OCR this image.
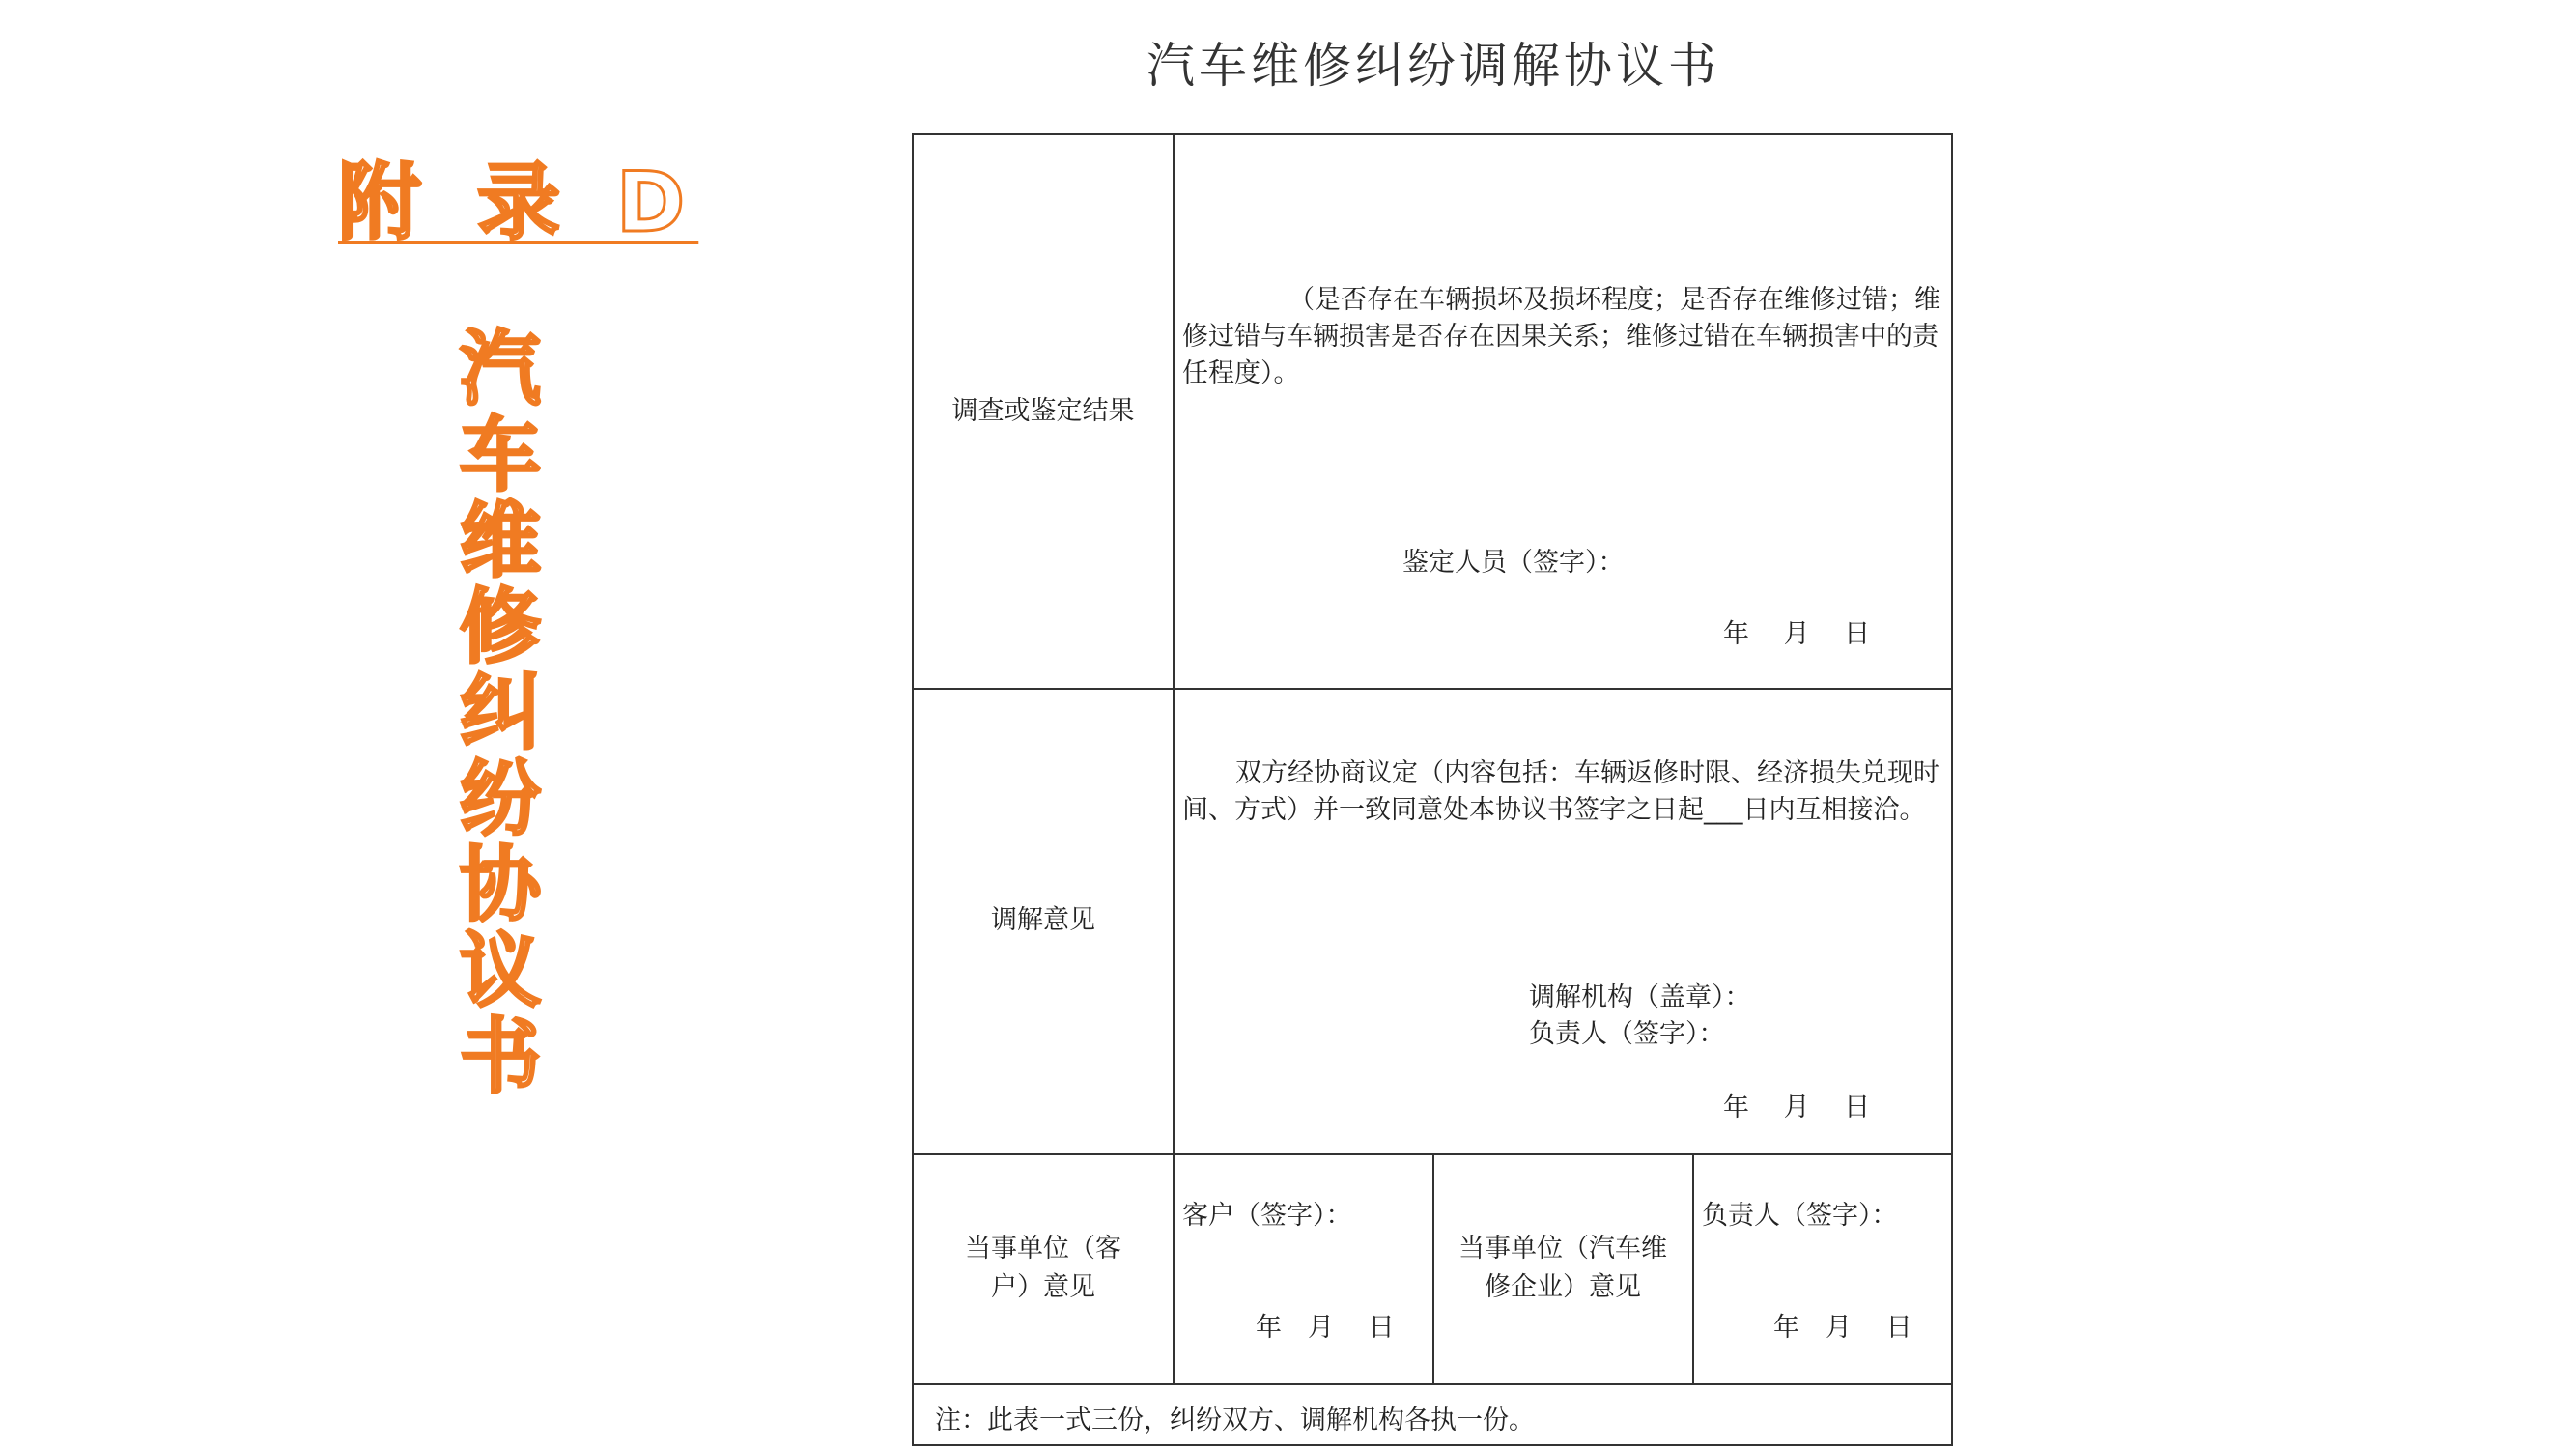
附 录 D
汽车维修纠纷协议书
汽车维修纠纷调解协议书
调查或鉴定结果
（是否存在车辆损坏及损坏程度；是否存在维修过错；维修过错与车辆损害是否存在因果关系；维修过错在车辆损害中的责任程度）。
鉴定人员（签字）：
年　 月　 日
调解意见
双方经协商议定（内容包括：车辆返修时限、经济损失兑现时间、方式）并一致同意处本协议书签字之日起___日内互相接洽。
调解机构（盖章）：
负责人（签字）：
年　 月　 日
当事单位（客户）意见
客户（签字）：
年　月　 日
当事单位（汽车维修企业）意见
负责人（签字）：
年　月　 日
注：此表一式三份，纠纷双方、调解机构各执一份。
